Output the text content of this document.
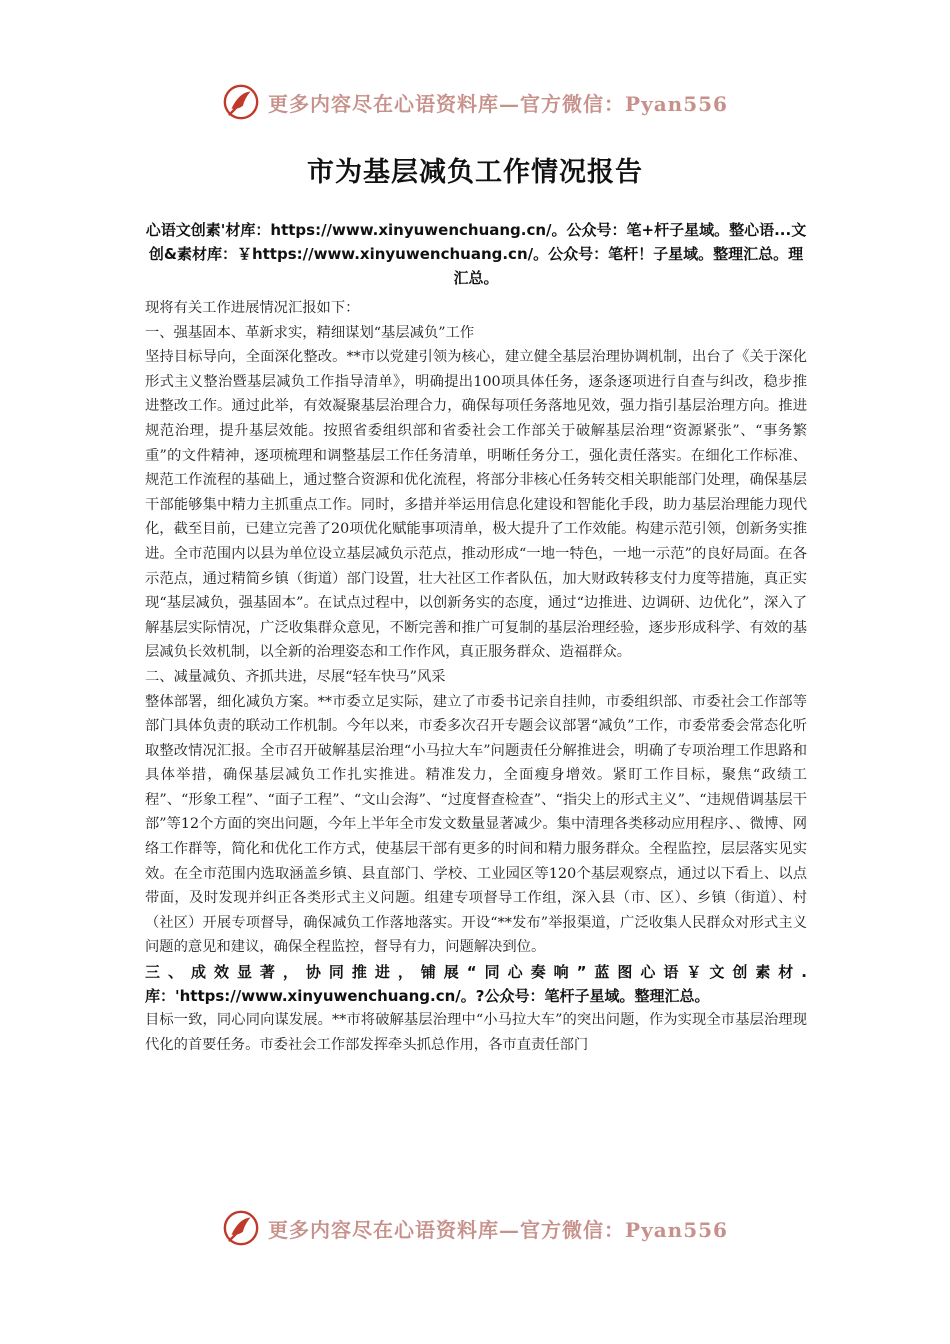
更多内容尽在心语资料库—官方微信：Pyan556
市为基层减负工作情况报告

心语文创素'材库：https://www.xinyuwenchuang.cn/。公众号：笔+杆子星域。整心语...文创&素材库：￥https://www.xinyuwenchuang.cn/。公众号：笔杆！子星域。整理汇总。理汇总。

现将有关工作进展情况汇报如下：

一、强基固本、革新求实，精细谋划“基层减负”工作

坚持目标导向，全面深化整改。**市以党建引领为核心，建立健全基层治理协调机制，出台了《关于深化形式主义整治暨基层减负工作指导清单》，明确提出100项具体任务，逐条逐项进行自查与纠改，稳步推进整改工作。通过此举，有效凝聚基层治理合力，确保每项任务落地见效，强力指引基层治理方向。推进规范治理，提升基层效能。按照省委组织部和省委社会工作部关于破解基层治理“资源紧张”、“事务繁重”的文件精神，逐项梳理和调整基层工作任务清单，明晰任务分工，强化责任落实。在细化工作标准、规范工作流程的基础上，通过整合资源和优化流程，将部分非核心任务转交相关职能部门处理，确保基层干部能够集中精力主抓重点工作。同时，多措并举运用信息化建设和智能化手段，助力基层治理能力现代化，截至目前，已建立完善了20项优化赋能事项清单，极大提升了工作效能。构建示范引领，创新务实推进。全市范围内以县为单位设立基层减负示范点，推动形成“一地一特色，一地一示范”的良好局面。在各示范点，通过精简乡镇（街道）部门设置，壮大社区工作者队伍，加大财政转移支付力度等措施，真正实现“基层减负，强基固本”。在试点过程中，以创新务实的态度，通过“边推进、边调研、边优化”，深入了解基层实际情况，广泛收集群众意见，不断完善和推广可复制的基层治理经验，逐步形成科学、有效的基层减负长效机制，以全新的治理姿态和工作作风，真正服务群众、造福群众。

二、减量减负、齐抓共进，尽展“轻车快马”风采

整体部署，细化减负方案。**市委立足实际，建立了市委书记亲自挂帅，市委组织部、市委社会工作部等部门具体负责的联动工作机制。今年以来，市委多次召开专题会议部署“减负”工作，市委常委会常态化听取整改情况汇报。全市召开破解基层治理“小马拉大车”问题责任分解推进会，明确了专项治理工作思路和具体举措，确保基层减负工作扎实推进。精准发力，全面瘦身增效。紧盯工作目标，聚焦“政绩工程”、“形象工程”、“面子工程”、“文山会海”、“过度督查检查”、“指尖上的形式主义”、“违规借调基层干部”等12个方面的突出问题，今年上半年全市发文数量显著减少。集中清理各类移动应用程序、、微博、网络工作群等，简化和优化工作方式，使基层干部有更多的时间和精力服务群众。全程监控，层层落实见实效。在全市范围内选取涵盖乡镇、县直部门、学校、工业园区等120个基层观察点，通过以下看上、以点带面，及时发现并纠正各类形式主义问题。组建专项督导工作组，深入县（市、区）、乡镇（街道）、村（社区）开展专项督导，确保减负工作落地落实。开设“**发布”举报渠道，广泛收集人民群众对形式主义问题的意见和建议，确保全程监控，督导有力，问题解决到位。

三、成效显著，协同推进，铺展“同心奏响”蓝图心语￥文创素材.库：'https://www.xinyuwenchuang.cn/。?公众号：笔杆子星域。整理汇总。

目标一致，同心同向谋发展。**市将破解基层治理中“小马拉大车”的突出问题，作为实现全市基层治理现代化的首要任务。市委社会工作部发挥牵头抓总作用，各市直责任部门

更多内容尽在心语资料库—官方微信：Pyan556
